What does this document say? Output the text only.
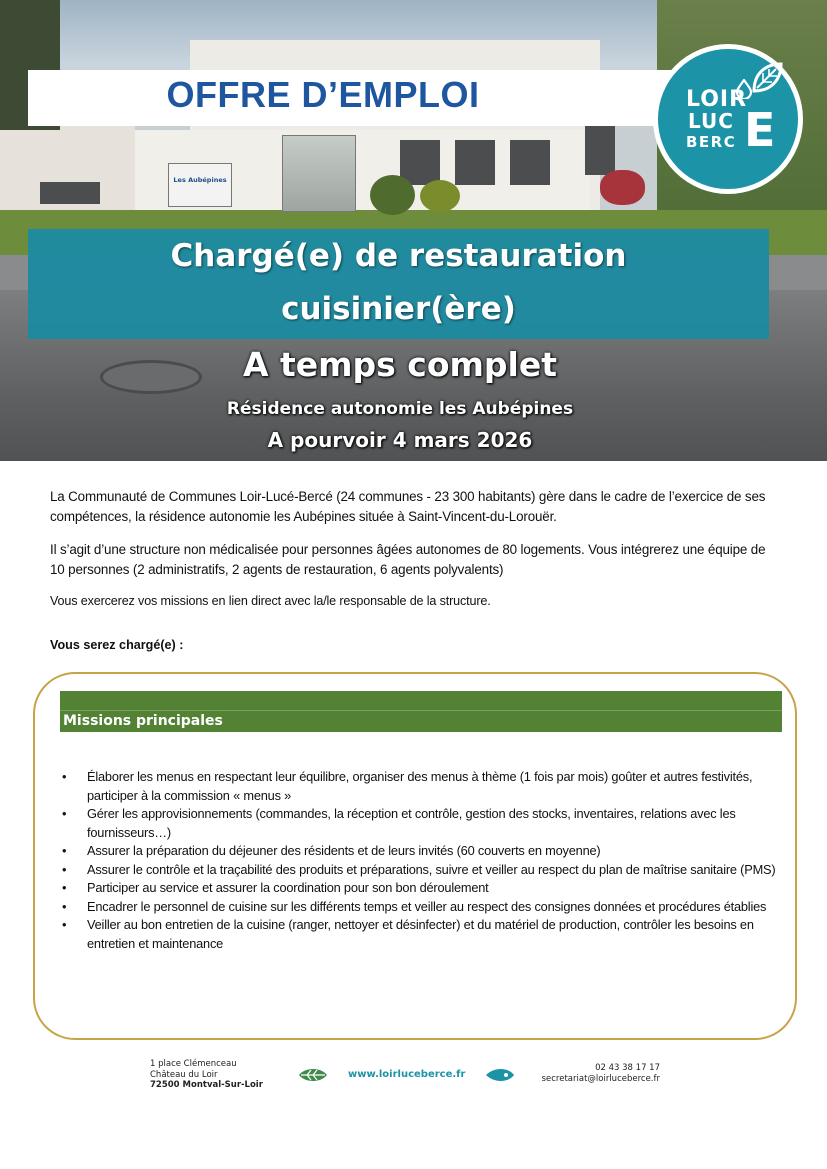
Les Aubépines
OFFRE D’EMPLOI	LOIR
LUC
BERC E
Chargé(e) de restauration
cuisinier(ère)
A temps complet
Résidence autonomie les Aubépines
A pourvoir 4 mars 2026
La Communauté de Communes Loir-Lucé-Bercé (24 communes - 23 300 habitants) gère dans le cadre de l’exercice de ses compétences, la résidence autonomie les Aubépines située à Saint-Vincent-du-Lorouër.
Il s’agit d’une structure non médicalisée pour personnes âgées autonomes de 80 logements. Vous intégrerez une équipe de 10 personnes (2 administratifs, 2 agents de restauration, 6 agents polyvalents)
Vous exercerez vos missions en lien direct avec la/le responsable de la structure.
Vous serez chargé(e) :
Missions principales
• Élaborer les menus en respectant leur équilibre, organiser des menus à thème (1 fois par mois) goûter et autres festivités, participer à la commission « menus »
• Gérer les approvisionnements (commandes, la réception et contrôle, gestion des stocks, inventaires, relations avec les fournisseurs…)
• Assurer la préparation du déjeuner des résidents et de leurs invités (60 couverts en moyenne)
• Assurer le contrôle et la traçabilité des produits et préparations, suivre et veiller au respect du plan de maîtrise sanitaire (PMS)
• Participer au service et assurer la coordination pour son bon déroulement
• Encadrer le personnel de cuisine sur les différents temps et veiller au respect des consignes données et procédures établies
• Veiller au bon entretien de la cuisine (ranger, nettoyer et désinfecter) et du matériel de production, contrôler les besoins en entretien et maintenance
1 place Clémenceau
Château du Loir
72500 Montval-Sur-Loir
www.loirluceberce.fr
02 43 38 17 17
secretariat@loirluceberce.fr
